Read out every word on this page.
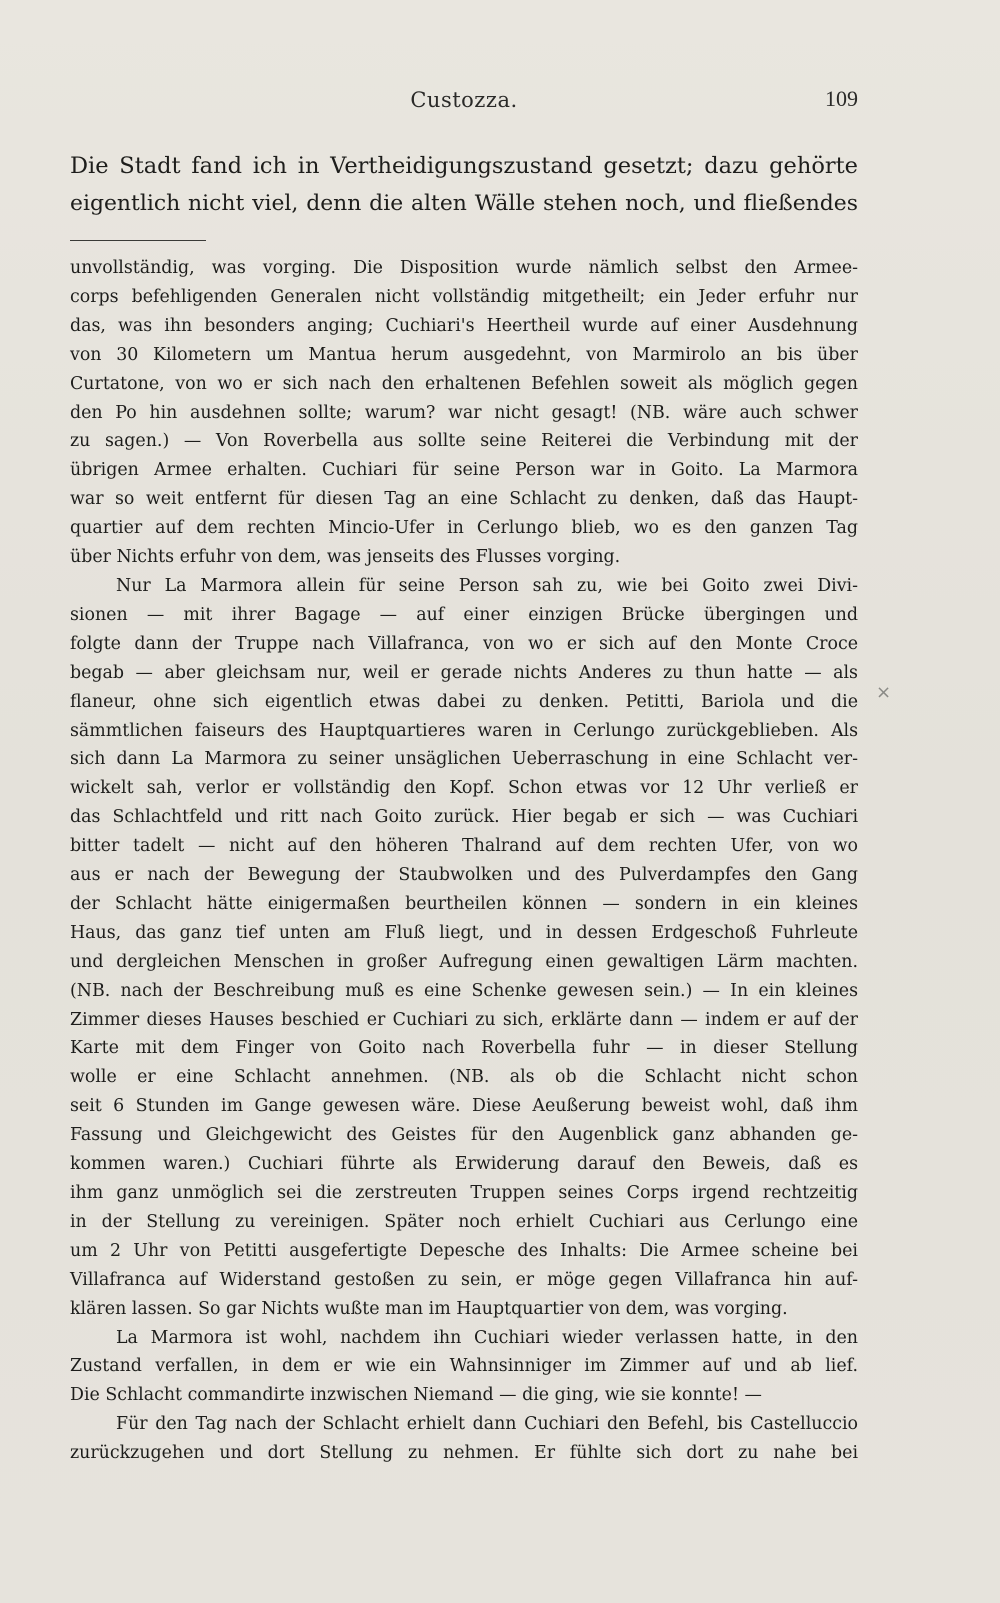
Custozza.	109
Die Stadt fand ich in Vertheidigungszustand gesetzt; dazu gehörte
eigentlich nicht viel, denn die alten Wälle stehen noch, und fließendes
unvollständig, was vorging. Die Disposition wurde nämlich selbst den Armee-
corps befehligenden Generalen nicht vollständig mitgetheilt; ein Jeder erfuhr nur
das, was ihn besonders anging; Cuchiari's Heertheil wurde auf einer Ausdehnung
von 30 Kilometern um Mantua herum ausgedehnt, von Marmirolo an bis über
Curtatone, von wo er sich nach den erhaltenen Befehlen soweit als möglich gegen
den Po hin ausdehnen sollte; warum? war nicht gesagt! (NB. wäre auch schwer
zu sagen.) — Von Roverbella aus sollte seine Reiterei die Verbindung mit der
übrigen Armee erhalten. Cuchiari für seine Person war in Goito. La Marmora
war so weit entfernt für diesen Tag an eine Schlacht zu denken, daß das Haupt-
quartier auf dem rechten Mincio-Ufer in Cerlungo blieb, wo es den ganzen Tag
über Nichts erfuhr von dem, was jenseits des Flusses vorging.
Nur La Marmora allein für seine Person sah zu, wie bei Goito zwei Divi-
sionen — mit ihrer Bagage — auf einer einzigen Brücke übergingen und
folgte dann der Truppe nach Villafranca, von wo er sich auf den Monte Croce
begab — aber gleichsam nur, weil er gerade nichts Anderes zu thun hatte — als
flaneur, ohne sich eigentlich etwas dabei zu denken. Petitti, Bariola und die
sämmtlichen faiseurs des Hauptquartieres waren in Cerlungo zurückgeblieben. Als
sich dann La Marmora zu seiner unsäglichen Ueberraschung in eine Schlacht ver-
wickelt sah, verlor er vollständig den Kopf. Schon etwas vor 12 Uhr verließ er
das Schlachtfeld und ritt nach Goito zurück. Hier begab er sich — was Cuchiari
bitter tadelt — nicht auf den höheren Thalrand auf dem rechten Ufer, von wo
aus er nach der Bewegung der Staubwolken und des Pulverdampfes den Gang
der Schlacht hätte einigermaßen beurtheilen können — sondern in ein kleines
Haus, das ganz tief unten am Fluß liegt, und in dessen Erdgeschoß Fuhrleute
und dergleichen Menschen in großer Aufregung einen gewaltigen Lärm machten.
(NB. nach der Beschreibung muß es eine Schenke gewesen sein.) — In ein kleines
Zimmer dieses Hauses beschied er Cuchiari zu sich, erklärte dann — indem er auf der
Karte mit dem Finger von Goito nach Roverbella fuhr — in dieser Stellung
wolle er eine Schlacht annehmen. (NB. als ob die Schlacht nicht schon
seit 6 Stunden im Gange gewesen wäre. Diese Aeußerung beweist wohl, daß ihm
Fassung und Gleichgewicht des Geistes für den Augenblick ganz abhanden ge-
kommen waren.) Cuchiari führte als Erwiderung darauf den Beweis, daß es
ihm ganz unmöglich sei die zerstreuten Truppen seines Corps irgend rechtzeitig
in der Stellung zu vereinigen. Später noch erhielt Cuchiari aus Cerlungo eine
um 2 Uhr von Petitti ausgefertigte Depesche des Inhalts: Die Armee scheine bei
Villafranca auf Widerstand gestoßen zu sein, er möge gegen Villafranca hin auf-
klären lassen. So gar Nichts wußte man im Hauptquartier von dem, was vorging.
La Marmora ist wohl, nachdem ihn Cuchiari wieder verlassen hatte, in den
Zustand verfallen, in dem er wie ein Wahnsinniger im Zimmer auf und ab lief.
Die Schlacht commandirte inzwischen Niemand — die ging, wie sie konnte! —
Für den Tag nach der Schlacht erhielt dann Cuchiari den Befehl, bis Castelluccio
zurückzugehen und dort Stellung zu nehmen. Er fühlte sich dort zu nahe bei
×
